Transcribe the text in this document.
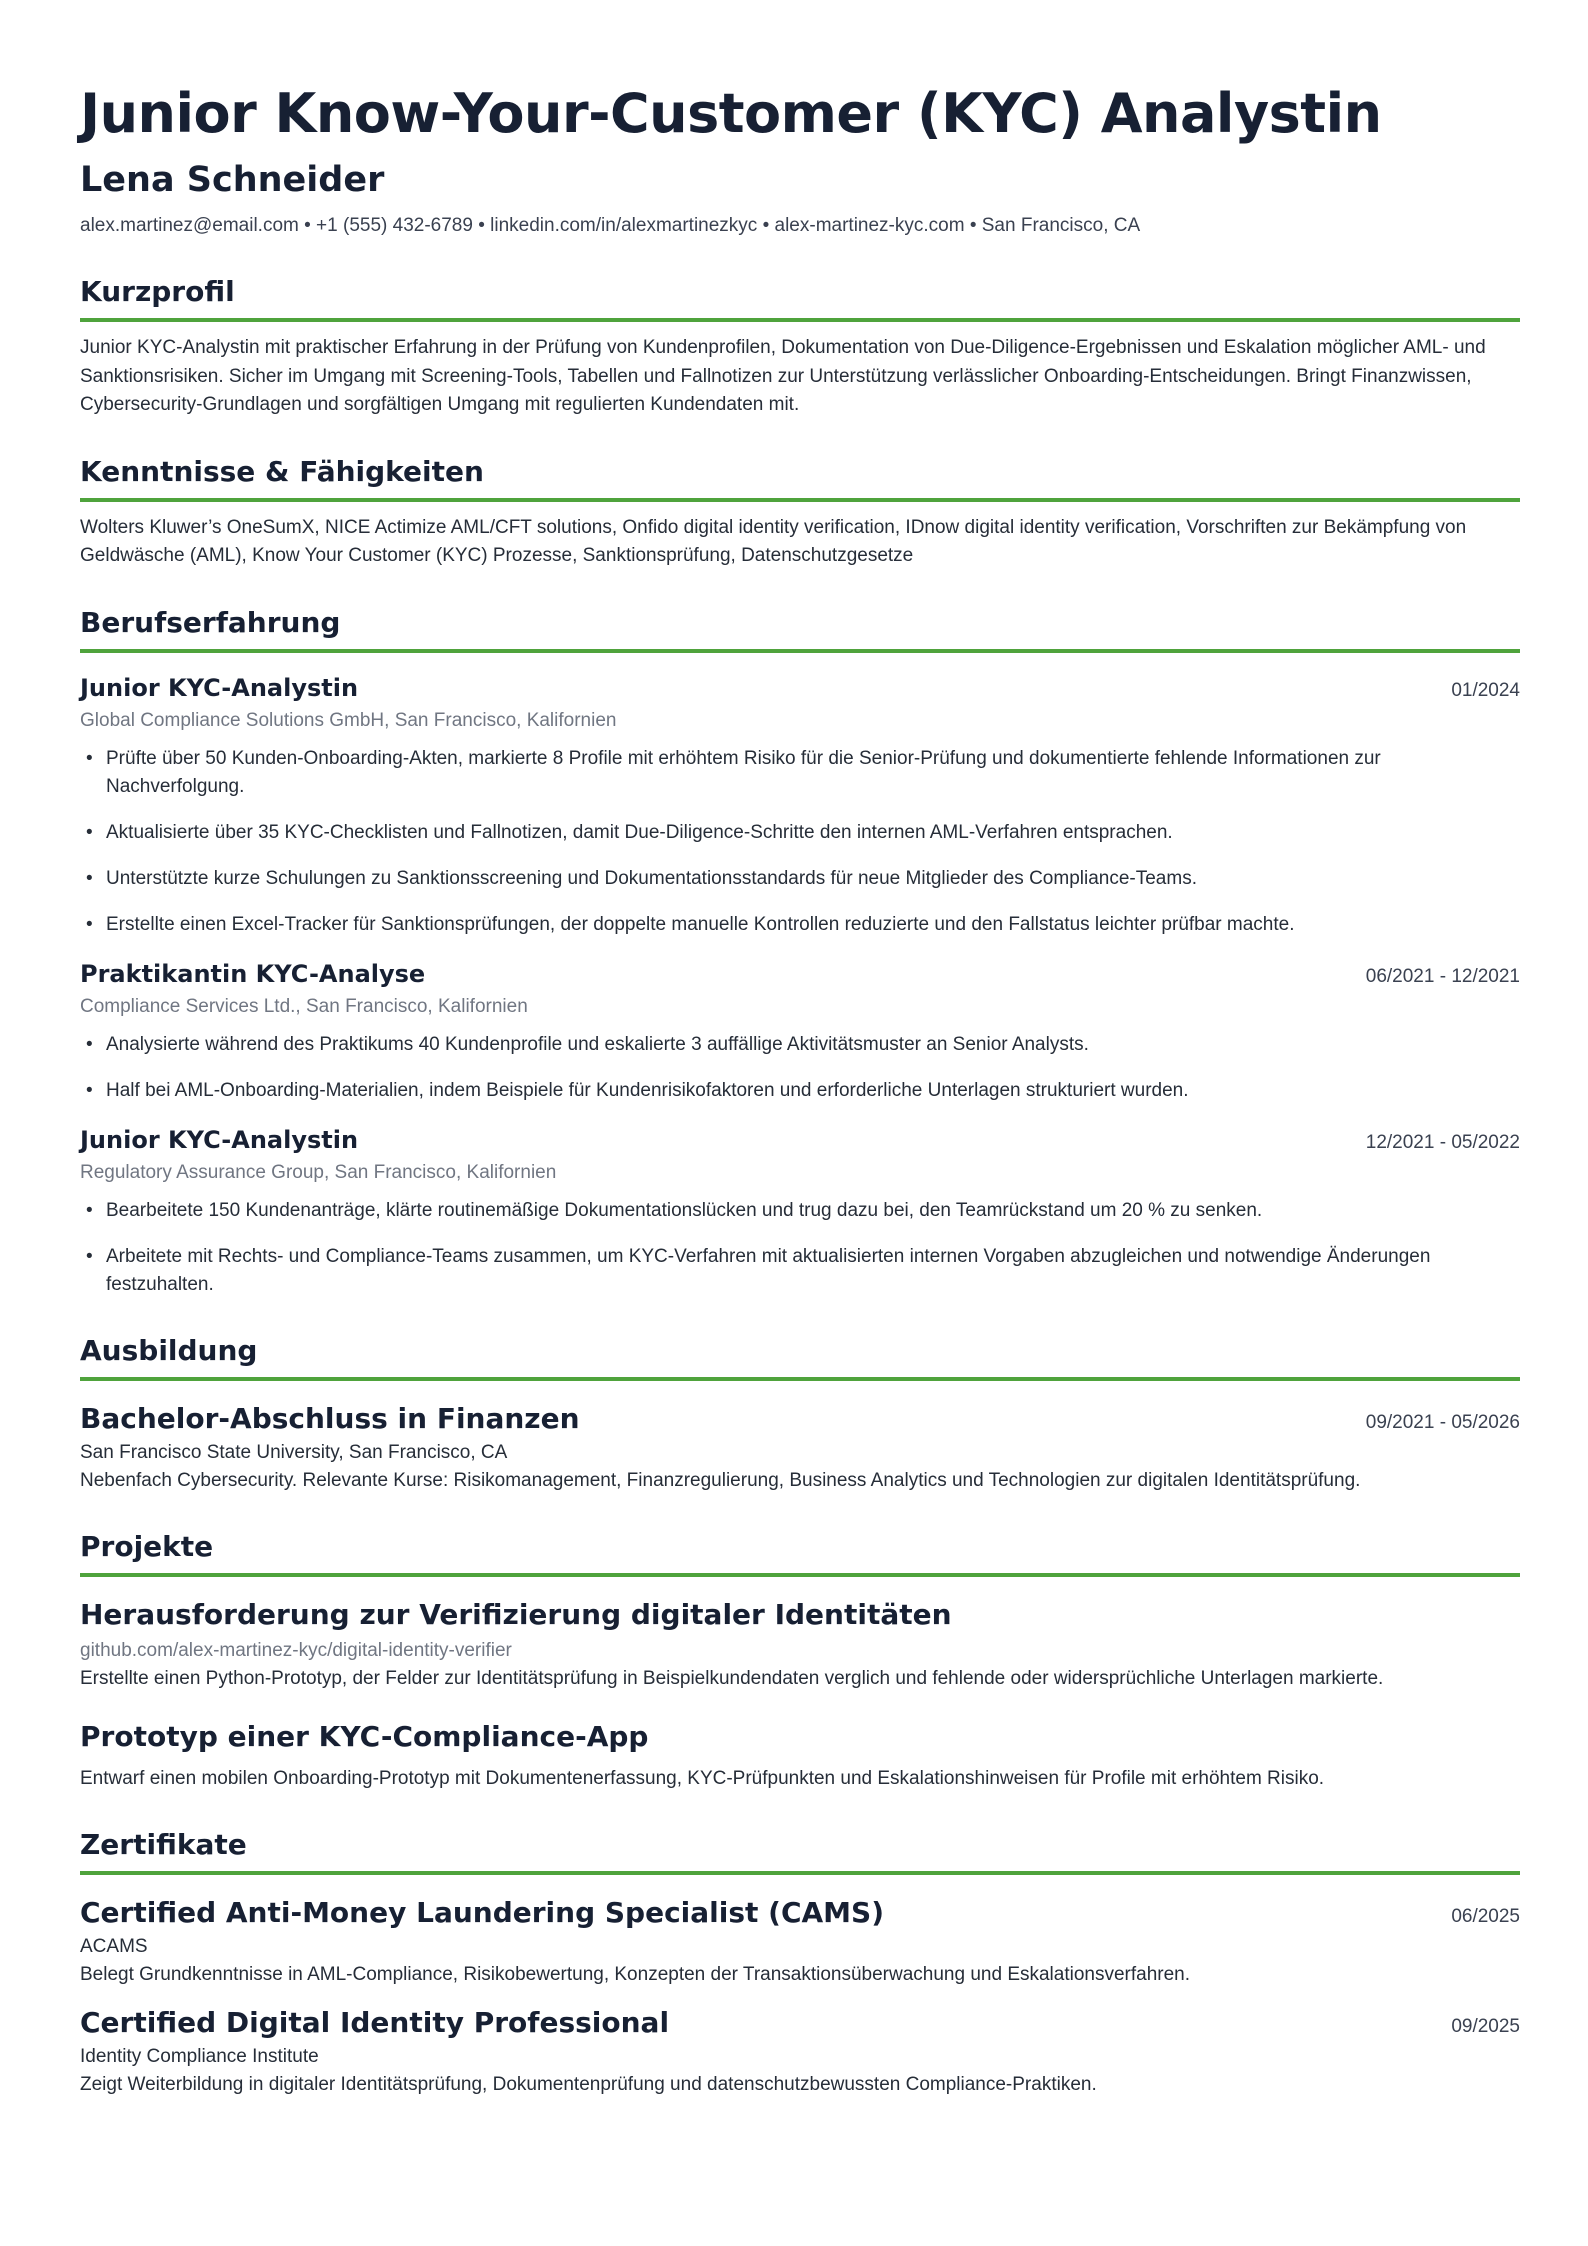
Junior Know-Your-Customer (KYC) Analystin
Lena Schneider
alex.martinez@email.com • +1 (555) 432-6789 • linkedin.com/in/alexmartinezkyc • alex-martinez-kyc.com • San Francisco, CA
Kurzprofil
Junior KYC-Analystin mit praktischer Erfahrung in der Prüfung von Kundenprofilen, Dokumentation von Due-Diligence-Ergebnissen und Eskalation möglicher AML- und Sanktionsrisiken. Sicher im Umgang mit Screening-Tools, Tabellen und Fallnotizen zur Unterstützung verlässlicher Onboarding-Entscheidungen. Bringt Finanzwissen, Cybersecurity-Grundlagen und sorgfältigen Umgang mit regulierten Kundendaten mit.
Kenntnisse & Fähigkeiten
Wolters Kluwer’s OneSumX, NICE Actimize AML/CFT solutions, Onfido digital identity verification, IDnow digital identity verification, Vorschriften zur Bekämpfung von Geldwäsche (AML), Know Your Customer (KYC) Prozesse, Sanktionsprüfung, Datenschutzgesetze
Berufserfahrung
Junior KYC-Analystin	01/2024
Global Compliance Solutions GmbH, San Francisco, Kalifornien
• Prüfte über 50 Kunden-Onboarding-Akten, markierte 8 Profile mit erhöhtem Risiko für die Senior-Prüfung und dokumentierte fehlende Informationen zur Nachverfolgung.
• Aktualisierte über 35 KYC-Checklisten und Fallnotizen, damit Due-Diligence-Schritte den internen AML-Verfahren entsprachen.
• Unterstützte kurze Schulungen zu Sanktionsscreening und Dokumentationsstandards für neue Mitglieder des Compliance-Teams.
• Erstellte einen Excel-Tracker für Sanktionsprüfungen, der doppelte manuelle Kontrollen reduzierte und den Fallstatus leichter prüfbar machte.
Praktikantin KYC-Analyse	06/2021 - 12/2021
Compliance Services Ltd., San Francisco, Kalifornien
• Analysierte während des Praktikums 40 Kundenprofile und eskalierte 3 auffällige Aktivitätsmuster an Senior Analysts.
• Half bei AML-Onboarding-Materialien, indem Beispiele für Kundenrisikofaktoren und erforderliche Unterlagen strukturiert wurden.
Junior KYC-Analystin	12/2021 - 05/2022
Regulatory Assurance Group, San Francisco, Kalifornien
• Bearbeitete 150 Kundenanträge, klärte routinemäßige Dokumentationslücken und trug dazu bei, den Teamrückstand um 20 % zu senken.
• Arbeitete mit Rechts- und Compliance-Teams zusammen, um KYC-Verfahren mit aktualisierten internen Vorgaben abzugleichen und notwendige Änderungen festzuhalten.
Ausbildung
Bachelor-Abschluss in Finanzen	09/2021 - 05/2026
San Francisco State University, San Francisco, CA
Nebenfach Cybersecurity. Relevante Kurse: Risikomanagement, Finanzregulierung, Business Analytics und Technologien zur digitalen Identitätsprüfung.
Projekte
Herausforderung zur Verifizierung digitaler Identitäten
github.com/alex-martinez-kyc/digital-identity-verifier
Erstellte einen Python-Prototyp, der Felder zur Identitätsprüfung in Beispielkundendaten verglich und fehlende oder widersprüchliche Unterlagen markierte.
Prototyp einer KYC-Compliance-App
Entwarf einen mobilen Onboarding-Prototyp mit Dokumentenerfassung, KYC-Prüfpunkten und Eskalationshinweisen für Profile mit erhöhtem Risiko.
Zertifikate
Certified Anti-Money Laundering Specialist (CAMS)	06/2025
ACAMS
Belegt Grundkenntnisse in AML-Compliance, Risikobewertung, Konzepten der Transaktionsüberwachung und Eskalationsverfahren.
Certified Digital Identity Professional	09/2025
Identity Compliance Institute
Zeigt Weiterbildung in digitaler Identitätsprüfung, Dokumentenprüfung und datenschutzbewussten Compliance-Praktiken.
